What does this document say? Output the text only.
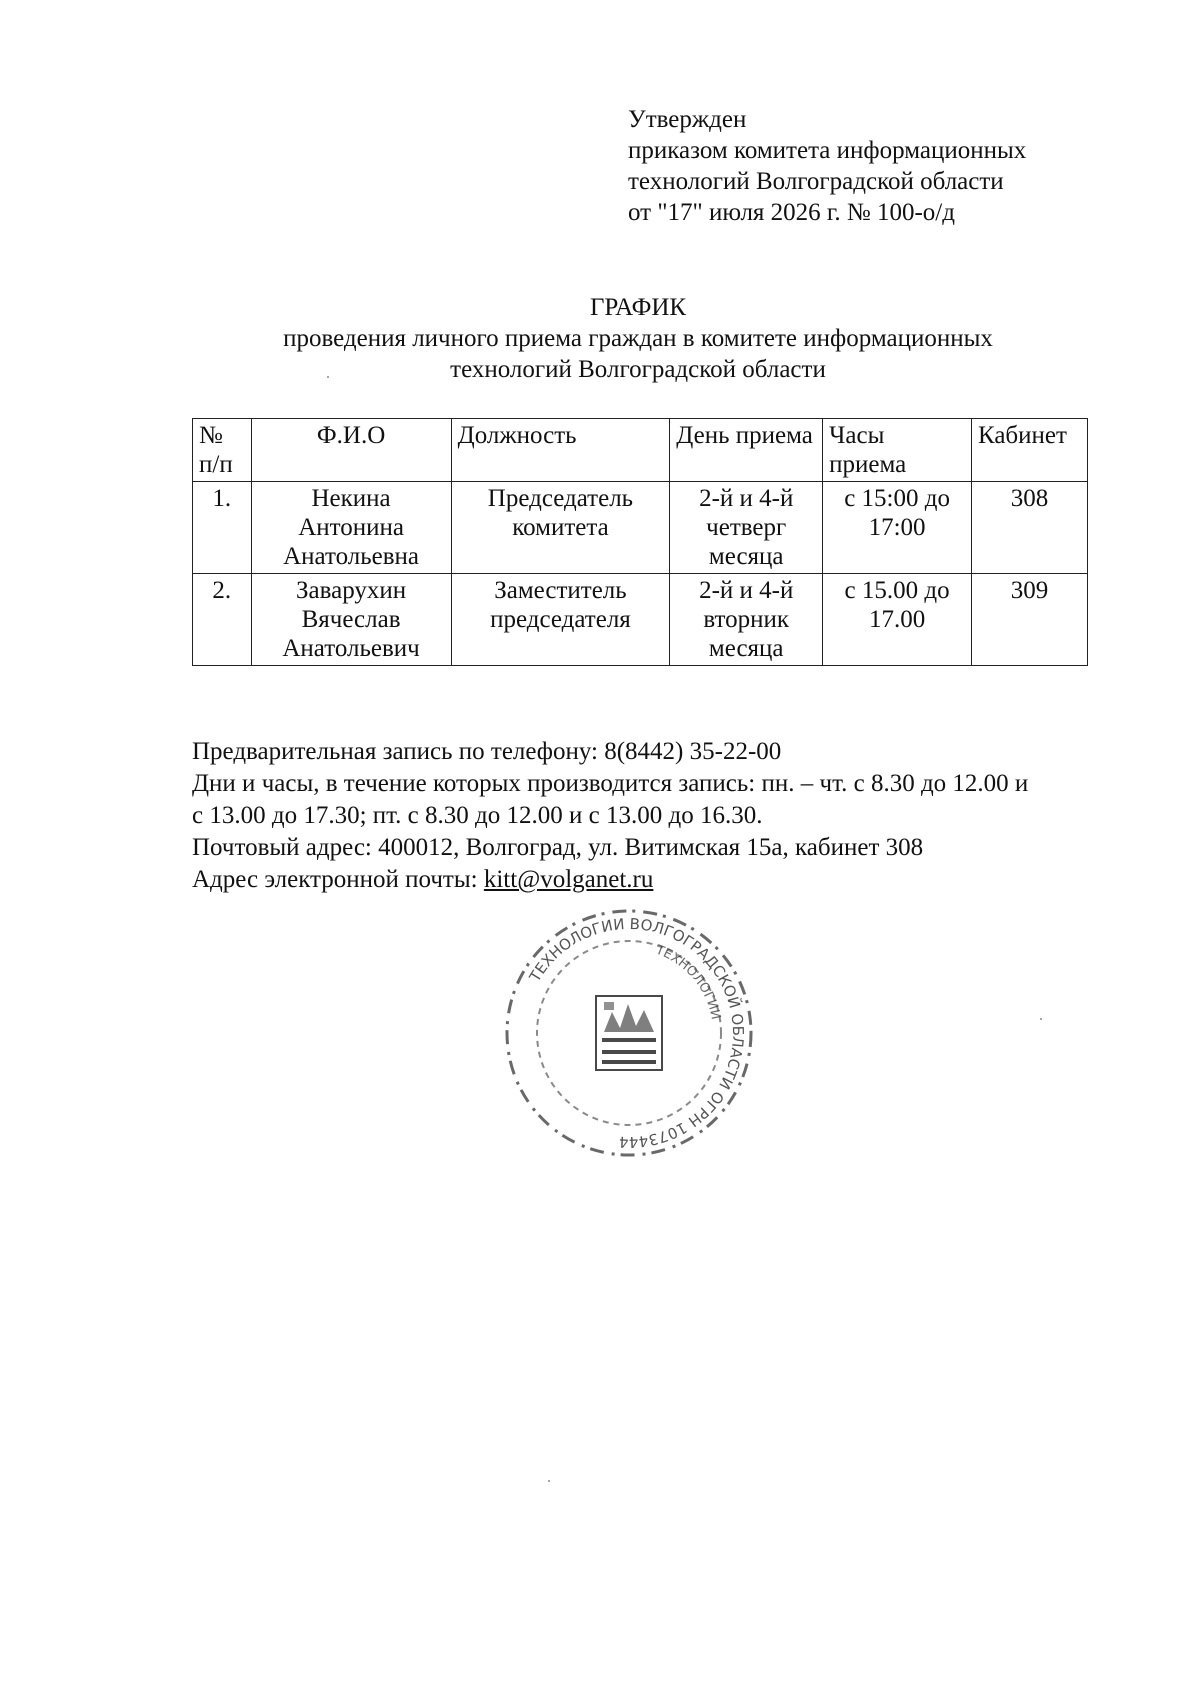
Утвержден
приказом комитета информационных
технологий Волгоградской области
от "17" июля 2026 г. № 100-о/д
ГРАФИК
проведения личного приема граждан в комитете информационных
технологий Волгоградской области
№ п/п	Ф.И.О	Должность	День приема	Часы приема	Кабинет
1.	Некина Антонина Анатольевна	Председатель комитета	2-й и 4-й четверг месяца	с 15:00 до 17:00	308
2.	Заварухин Вячеслав Анатольевич	Заместитель председателя	2-й и 4-й вторник месяца	с 15.00 до 17.00	309
Предварительная запись по телефону: 8(8442) 35-22-00
Дни и часы, в течение которых производится запись: пн. – чт. с 8.30 до 12.00 и
с 13.00 до 17.30; пт. с 8.30 до 12.00 и с 13.00 до 16.30.
Почтовый адрес: 400012, Волгоград, ул. Витимская 15а, кабинет 308
Адрес электронной почты: kitt@volganet.ru
ТЕХНОЛОГИИ ВОЛГОГРАДСКОЙ ОБЛАСТИ ОГРН 1073444
ТЕХНОЛОГИИ
